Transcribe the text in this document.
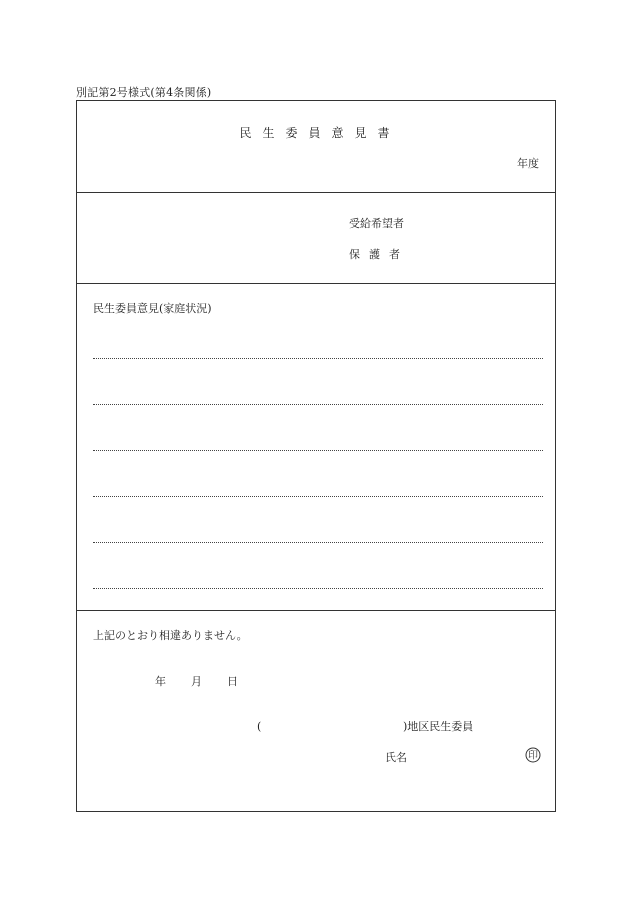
別記第2号様式(第4条関係)
民生委員意見書
年度
受給希望者
保護者
民生委員意見(家庭状況)
上記のとおり相違ありません。
年 月 日
(	)地区民生委員
氏名	印
